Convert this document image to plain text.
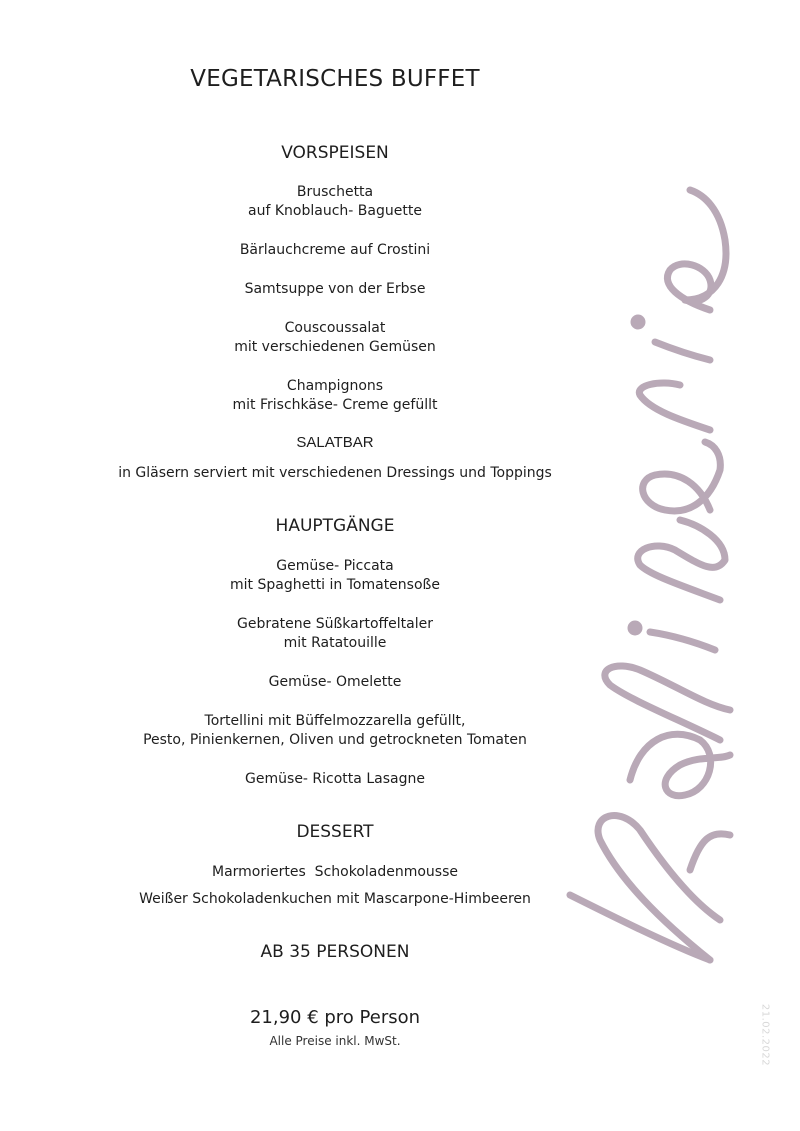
VEGETARISCHES BUFFET
VORSPEISEN
Bruschetta
auf Knoblauch- Baguette
Bärlauchcreme auf Crostini
Samtsuppe von der Erbse
Couscoussalat
mit verschiedenen Gemüsen
Champignons
mit Frischkäse- Creme gefüllt
SALATBAR
in Gläsern serviert mit verschiedenen Dressings und Toppings
HAUPTGÄNGE
Gemüse- Piccata
mit Spaghetti in Tomatensoße
Gebratene Süßkartoffeltaler
mit Ratatouille
Gemüse- Omelette
Tortellini mit Büffelmozzarella gefüllt,
Pesto, Pinienkernen, Oliven und getrockneten Tomaten
Gemüse- Ricotta Lasagne
DESSERT
Marmoriertes  Schokoladenmousse
Weißer Schokoladenkuchen mit Mascarpone-Himbeeren
AB 35 PERSONEN
21,90 € pro Person
Alle Preise inkl. MwSt.	21.02.2022
